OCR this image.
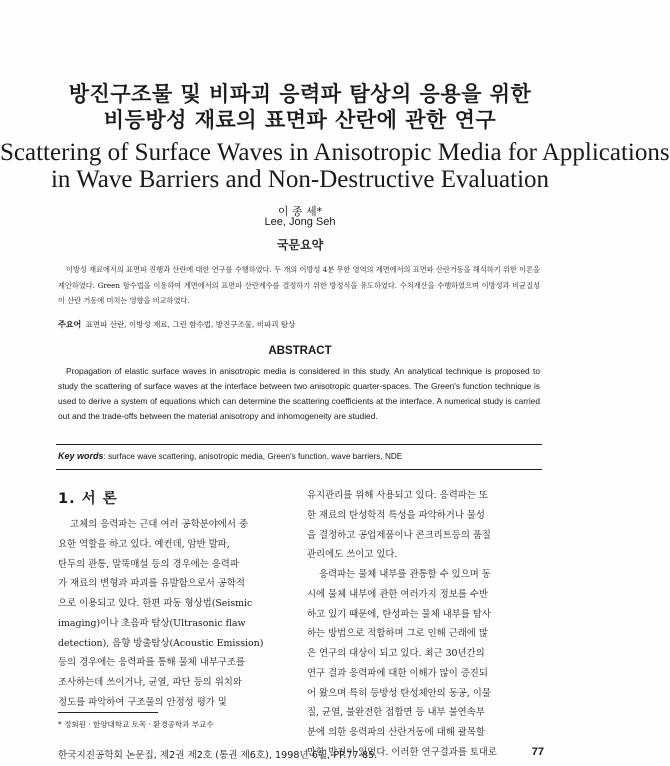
방진구조물 및 비파괴 응력파 탐상의 응용을 위한
비등방성 재료의 표면파 산란에 관한 연구
Scattering of Surface Waves in Anisotropic Media for Applications
in Wave Barriers and Non-Destructive Evaluation
이 종 세*
Lee, Jong Seh
국문요약
이방성 재료에서의 표면파 진행과 산란에 대한 연구를 수행하였다. 두 개의 이방성 4분 무한 영역의 계면에서의 표면파 산란거동을 해석하기 위한 이론을 제안하였다. Green 함수법을 이용하여 계면에서의 표면파 산란계수를 결정하기 위한 방정식을 유도하였다. 수치계산을 수행하였으며 이방성과 비균질성이 산란 거동에 미치는 영향을 비교하였다.
주요어 표면파 산란, 이방성 재료, 그린 함수법, 방진구조물, 비파괴 탐상
ABSTRACT
Propagation of elastic surface waves in anisotropic media is considered in this study. An analytical technique is proposed to study the scattering of surface waves at the interface between two anisotropic quarter-spaces. The Green's function technique is used to derive a system of equations which can determine the scattering coefficients at the interface. A numerical study is carried out and the trade-offs between the material anisotropy and inhomogeneity are studied.
Key words: surface wave scattering, anisotropic media, Green's function, wave barriers, NDE
1. 서 론
고체의 응력파는 근대 여러 공학분야에서 중
요한 역할을 하고 있다. 예컨데, 암반 발파,
탄두의 관통, 말뚝매설 등의 경우에는 응력파
가 재료의 변형과 파괴를 유발함으로서 공학적
으로 이용되고 있다. 한편 파동 형상법(Seismic
imaging)이나 초음파 탐상(Ultrasonic flaw
detection), 음향 방출탐상(Acoustic Emission)
등의 경우에는 응력파를 통해 물체 내부구조를
조사하는데 쓰이거나, 균열, 파단 등의 위치와
정도를 파악하여 구조물의 안정성 평가 및
* 정회원 · 한양대학교 토목 · 환경공학과 부교수
유지관리를 위해 사용되고 있다. 응력파는 또
한 재료의 탄성학적 특성을 파악하거나 물성
을 결정하고 공업제품이나 콘크리트등의 품질
관리에도 쓰이고 있다.
응력파는 물체 내부를 관통할 수 있으며 동
시에 물체 내부에 관한 여러가지 정보를 수반
하고 있기 때문에, 탄성파는 물체 내부를 탐사
하는 방법으로 적합하며 그로 인해 근래에 많
은 연구의 대상이 되고 있다. 최근 30년간의
연구 결과 응력파에 대한 이해가 많이 증진되
어 왔으며 특히 등방성 탄성체안의 동공, 이물
질, 균열, 불완전한 접합면 등 내부 불연속부
분에 의한 응력파의 산란거동에 대해 괄목할
만한 발전이 있었다. 이러한 연구결과를 토대로
한국지진공학회 논문집, 제2권 제2호 (통권 제6호), 1998년 6월, PP.77-85.	77
